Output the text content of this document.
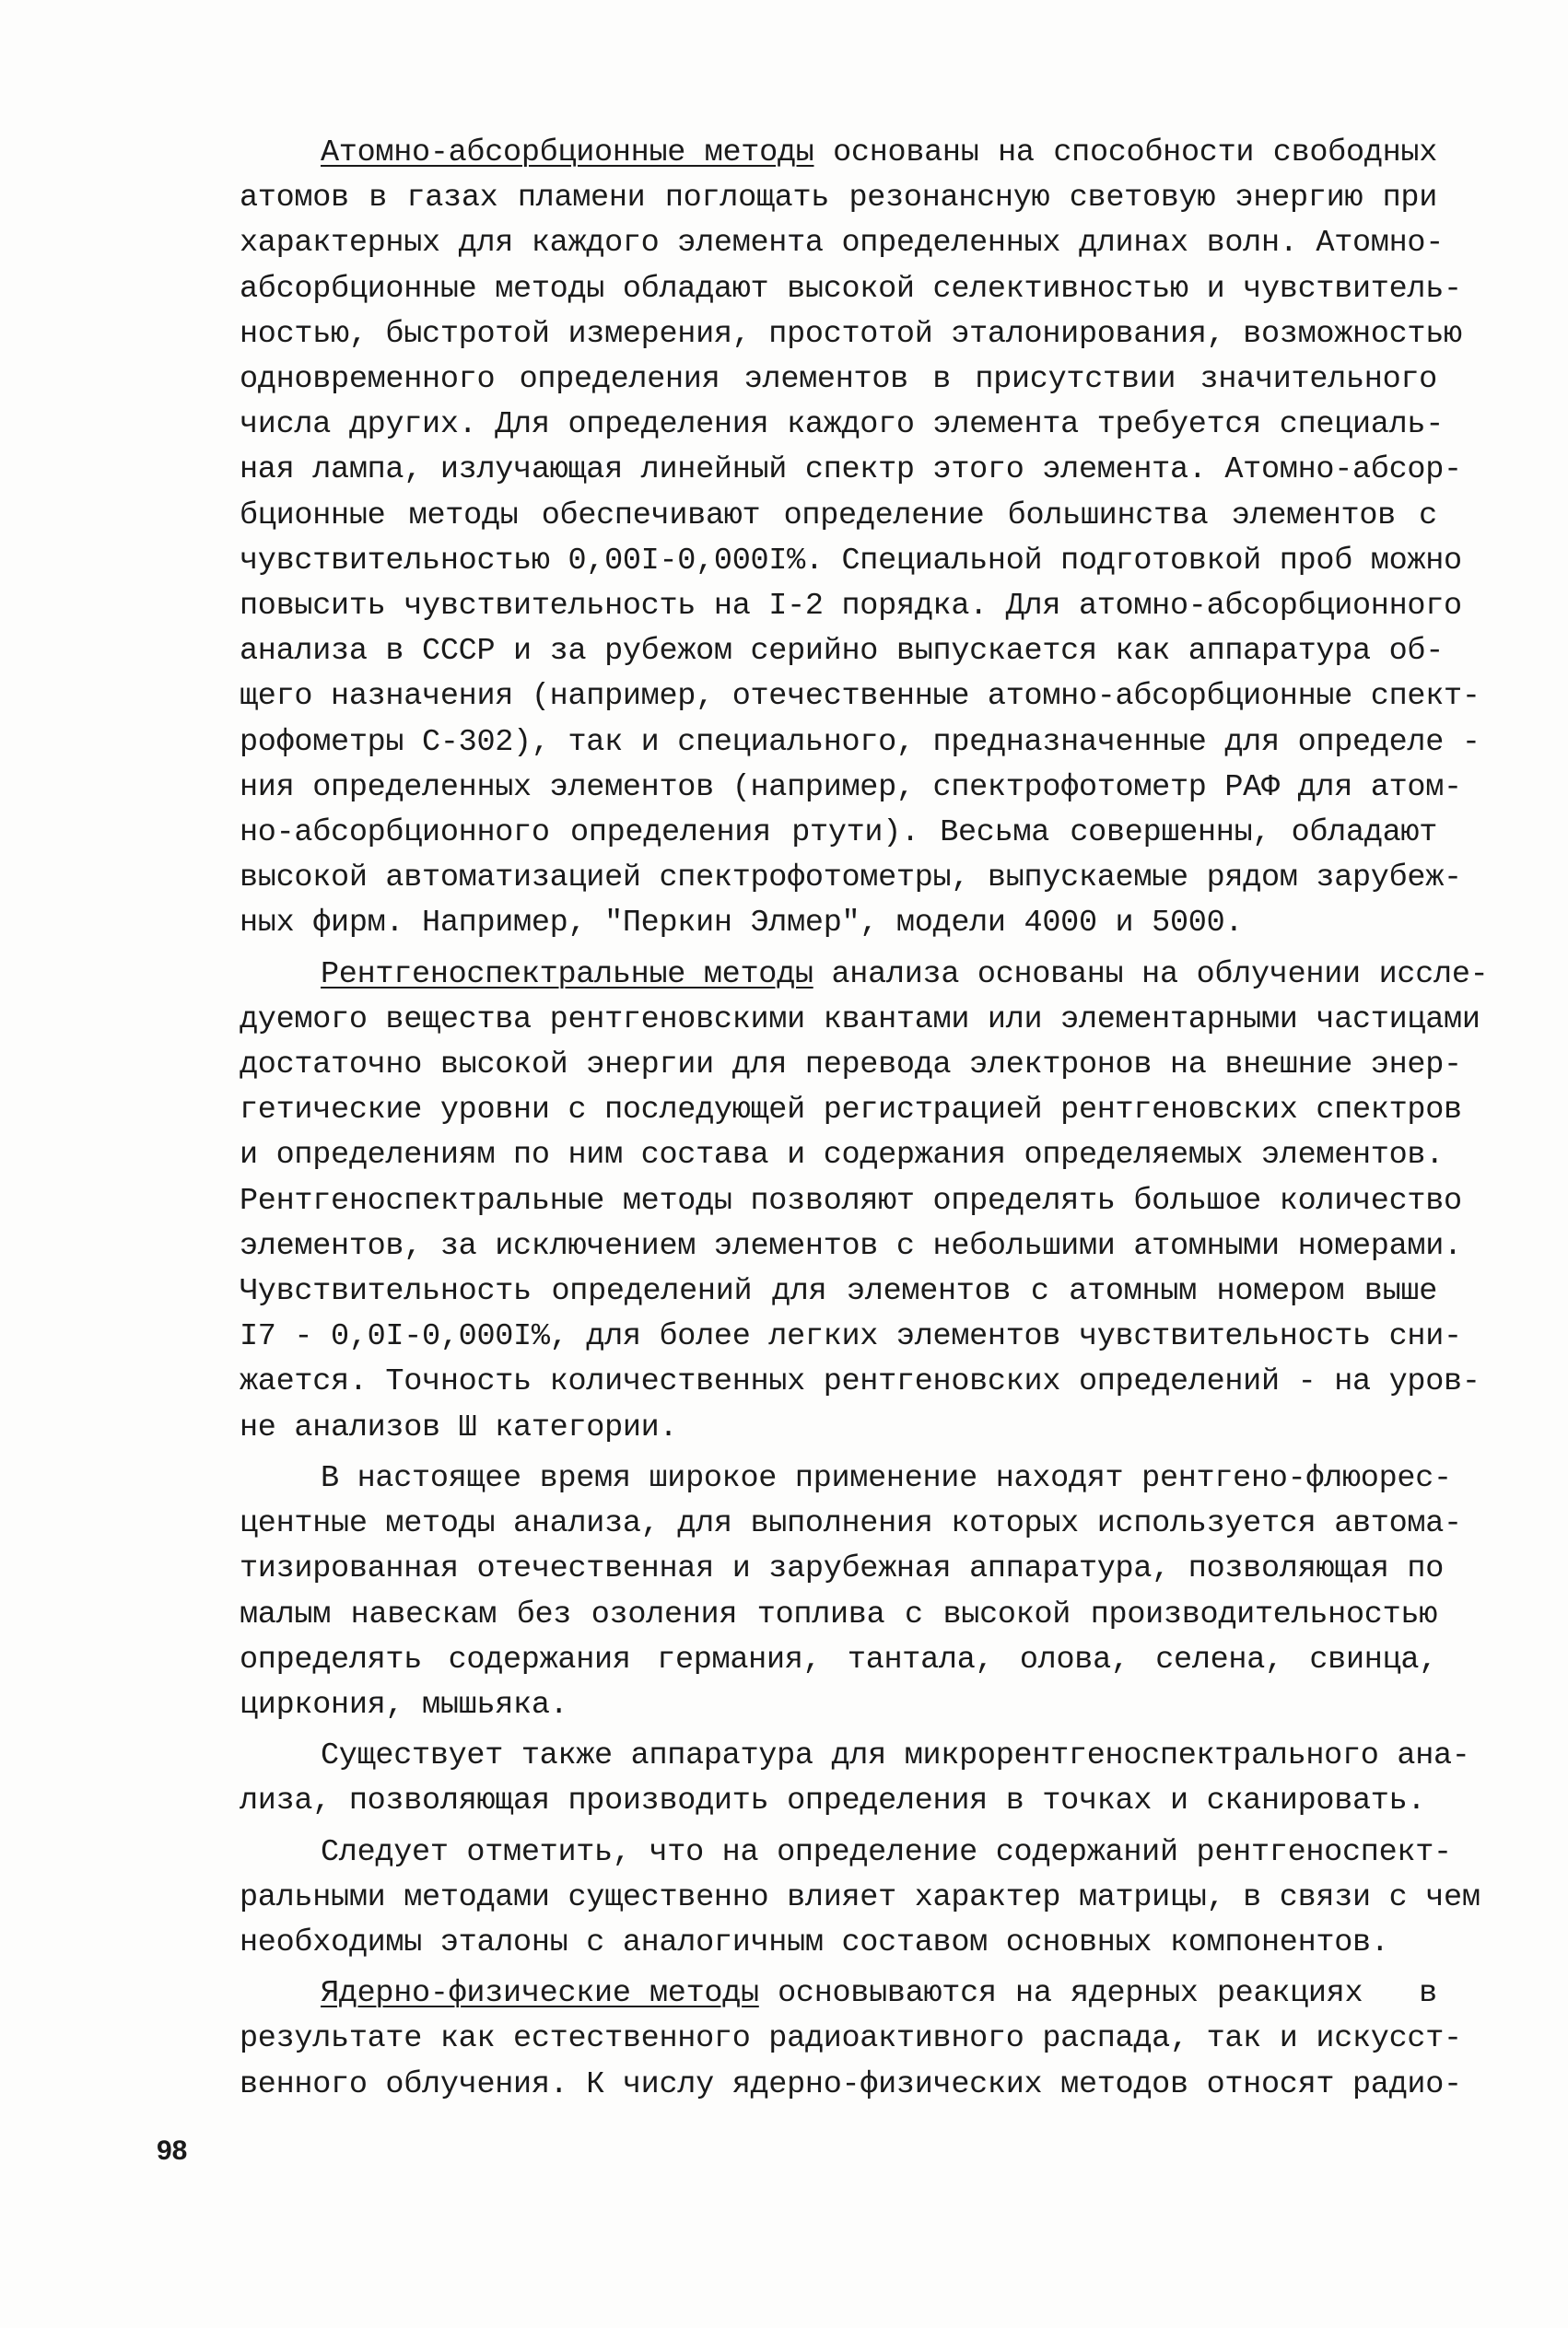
Атомно-абсорбционные методы основаны на способности свободных
атомов в газах пламени поглощать резонансную световую энергию при
характерных для каждого элемента определенных длинах волн. Атомно-
абсорбционные методы обладают высокой селективностью и чувствитель-
ностью, быстротой измерения, простотой эталонирования, возможностью
одновременного определения элементов в присутствии значительного
числа других. Для определения каждого элемента требуется специаль-
ная лампа, излучающая линейный спектр этого элемента. Атомно-абсор-
бционные методы обеспечивают определение большинства элементов с
чувствительностью 0,00I-0,000I%. Специальной подготовкой проб можно
повысить чувствительность на I-2 порядка. Для атомно-абсорбционного
анализа в СССР и за рубежом серийно выпускается как аппаратура об-
щего назначения (например, отечественные атомно-абсорбционные спект-
рофометры С-302), так и специального, предназначенные для определе -
ния определенных элементов (например, спектрофотометр РАФ для атом-
но-абсорбционного определения ртути). Весьма совершенны, обладают
высокой автоматизацией спектрофотометры, выпускаемые рядом зарубеж-
ных фирм. Например, "Перкин Элмер", модели 4000 и 5000.
Рентгеноспектральные методы анализа основаны на облучении иссле-
дуемого вещества рентгеновскими квантами или элементарными частицами
достаточно высокой энергии для перевода электронов на внешние энер-
гетические уровни с последующей регистрацией рентгеновских спектров
и определениям по ним состава и содержания определяемых элементов.
Рентгеноспектральные методы позволяют определять большое количество
элементов, за исключением элементов с небольшими атомными номерами.
Чувствительность определений для элементов с атомным номером выше
I7 - 0,0I-0,000I%, для более легких элементов чувствительность сни-
жается. Точность количественных рентгеновских определений - на уров-
не анализов Ш категории.
В настоящее время широкое применение находят рентгено-флюорес-
центные методы анализа, для выполнения которых используется автома-
тизированная отечественная и зарубежная аппаратура, позволяющая по
малым навескам без озоления топлива с высокой производительностью
определять содержания германия, тантала, олова, селена, свинца,
циркония, мышьяка.
Существует также аппаратура для микрорентгеноспектрального ана-
лиза, позволяющая производить определения в точках и сканировать.
Следует отметить, что на определение содержаний рентгеноспект-
ральными методами существенно влияет характер матрицы, в связи с чем
необходимы эталоны с аналогичным составом основных компонентов.
Ядерно-физические методы основываются на ядерных реакциях   в
результате как естественного радиоактивного распада, так и искусст-
венного облучения. К числу ядерно-физических методов относят радио-
98
